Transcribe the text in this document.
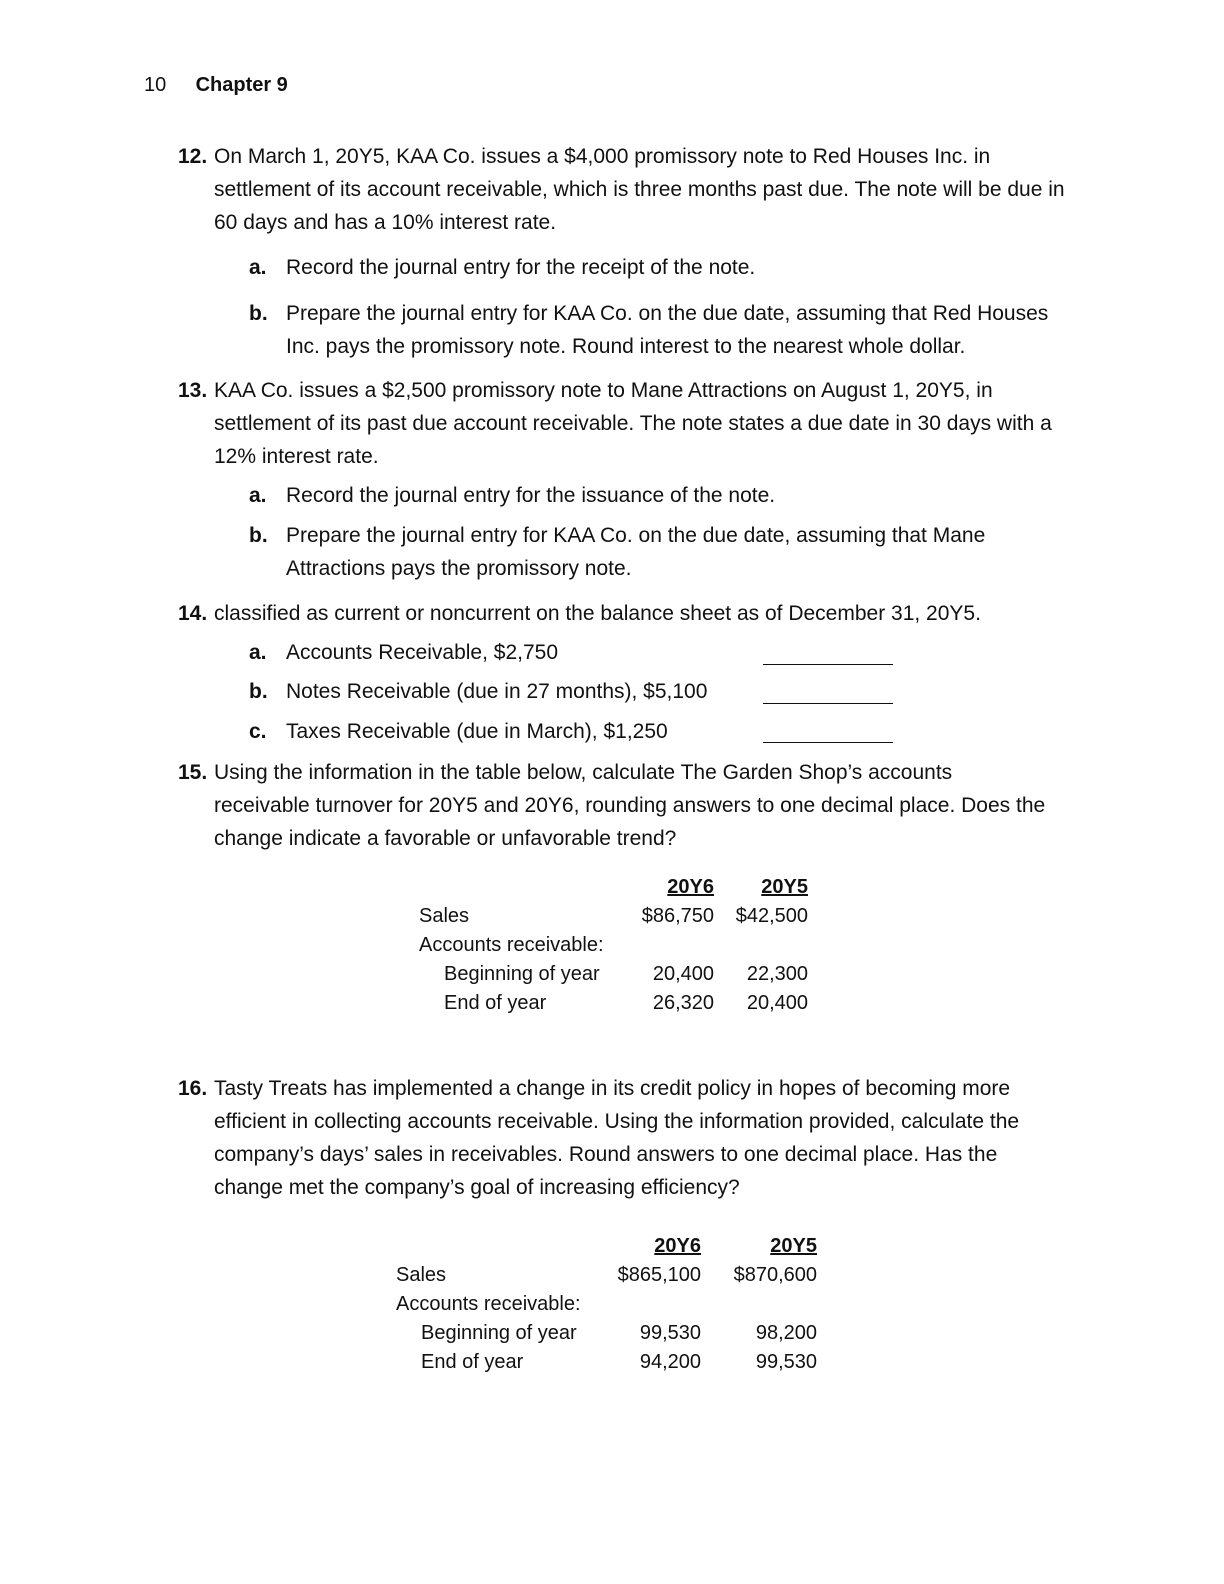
10 Chapter 9
12. On March 1, 20Y5, KAA Co. issues a $4,000 promissory note to Red Houses Inc. in settlement of its account receivable, which is three months past due. The note will be due in 60 days and has a 10% interest rate.
a. Record the journal entry for the receipt of the note.
b. Prepare the journal entry for KAA Co. on the due date, assuming that Red Houses Inc. pays the promissory note. Round interest to the nearest whole dollar.
13. KAA Co. issues a $2,500 promissory note to Mane Attractions on August 1, 20Y5, in settlement of its past due account receivable. The note states a due date in 30 days with a 12% interest rate.
a. Record the journal entry for the issuance of the note.
b. Prepare the journal entry for KAA Co. on the due date, assuming that Mane Attractions pays the promissory note.
14. classified as current or noncurrent on the balance sheet as of December 31, 20Y5.
a. Accounts Receivable, $2,750
b. Notes Receivable (due in 27 months), $5,100
c. Taxes Receivable (due in March), $1,250
15. Using the information in the table below, calculate The Garden Shop’s accounts receivable turnover for 20Y5 and 20Y6, rounding answers to one decimal place. Does the change indicate a favorable or unfavorable trend?
	20Y6	20Y5
Sales	$86,750	$42,500
Accounts receivable:		
Beginning of year	20,400	22,300
End of year	26,320	20,400
16. Tasty Treats has implemented a change in its credit policy in hopes of becoming more efficient in collecting accounts receivable. Using the information provided, calculate the company’s days’ sales in receivables. Round answers to one decimal place. Has the change met the company’s goal of increasing efficiency?
	20Y6	20Y5
Sales	$865,100	$870,600
Accounts receivable:		
Beginning of year	99,530	98,200
End of year	94,200	99,530
